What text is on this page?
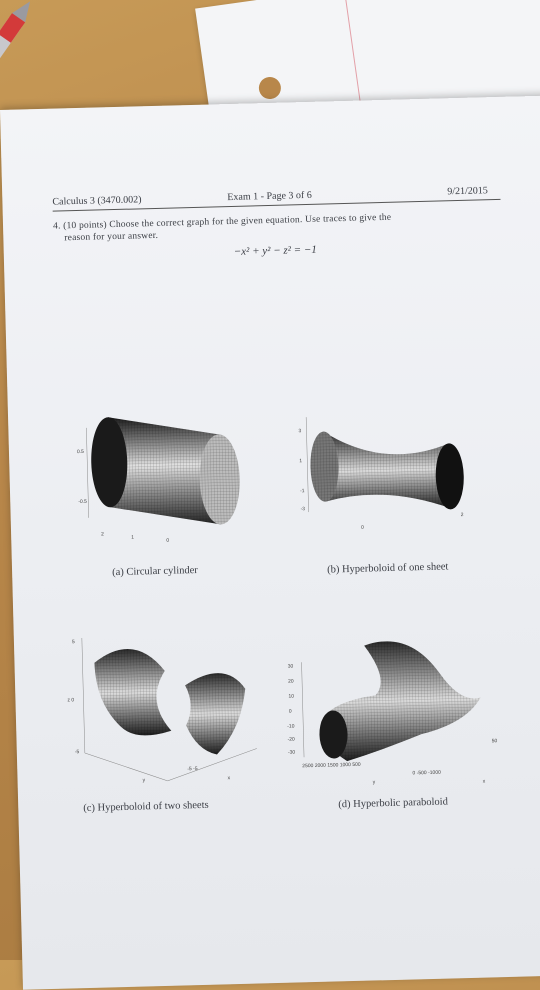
Calculus 3 (3470.002)	Exam 1 - Page 3 of 6	9/21/2015
4. (10 points) Choose the correct graph for the given equation. Use traces to give the
reason for your answer.
−x² + y² − z² = −1
0.5
-0.5
2
1
0
(a) Circular cylinder
3
1
-1
-3
0
2
(b) Hyperboloid of one sheet
5
z 0
-5
y
-5 -5
x
(c) Hyperboloid of two sheets
30
20
10
0
-10
-20
-30
2500 2000 1500 1000 500
0 -500 -1000
50
y	x
(d) Hyperbolic paraboloid
